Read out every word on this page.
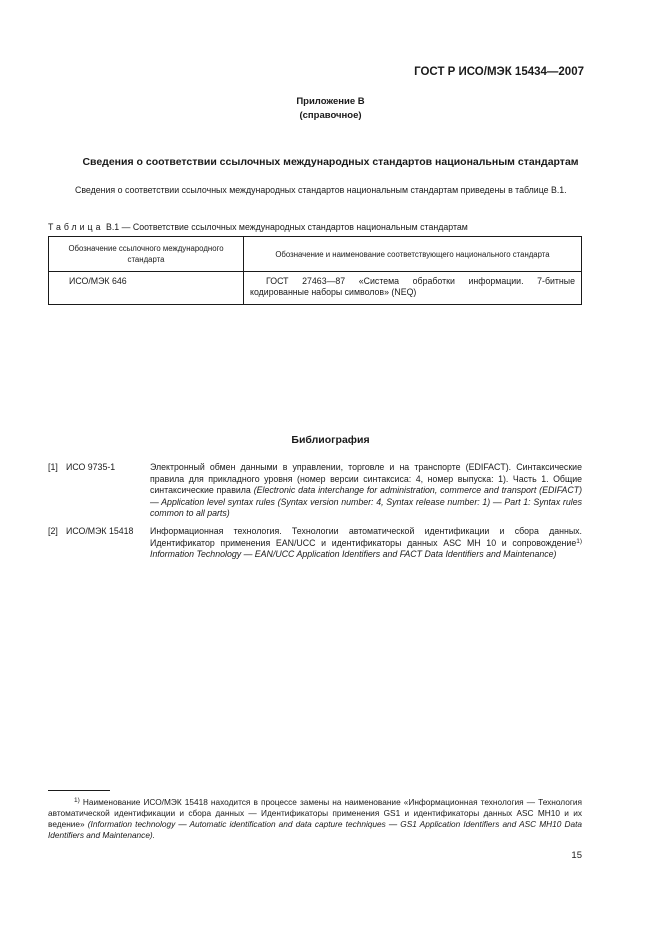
ГОСТ Р ИСО/МЭК 15434—2007
Приложение В
(справочное)
Сведения о соответствии ссылочных международных стандартов национальным стандартам
Сведения о соответствии ссылочных международных стандартов национальным стандартам приведены в таблице В.1.
Таблица В.1 — Соответствие ссылочных международных стандартов национальным стандартам
Обозначение ссылочного международного стандарта	Обозначение и наименование соответствующего национального стандарта
ИСО/МЭК 646	ГОСТ 27463—87 «Система обработки информации. 7-битные кодированные наборы символов» (NEQ)
Библиография
[1] ИСО 9735-1	Электронный обмен данными в управлении, торговле и на транспорте (EDIFACT). Синтаксические правила для прикладного уровня (номер версии синтаксиса: 4, номер выпуска: 1). Часть 1. Общие синтаксические правила (Electronic data interchange for administration, commerce and transport (EDIFACT) — Application level syntax rules (Syntax version number: 4, Syntax release number: 1) — Part 1: Syntax rules common to all parts)
[2] ИСО/МЭК 15418 Информационная технология. Технологии автоматической идентификации и сбора данных. Идентификатор применения EAN/UCC и идентификаторы данных ASC MH 10 и сопровождение$^{1)}$ Information Technology — EAN/UCC Application Identifiers and FACT Data Identifiers and Maintenance)
$^{1)}$ Наименование ИСО/МЭК 15418 находится в процессе замены на наименование «Информационная технология — Технология автоматической идентификации и сбора данных — Идентификаторы применения GS1 и идентификаторы данных ASC MH10 и их ведение» (Information technology — Automatic identification and data capture techniques — GS1 Application Identifiers and ASC MH10 Data Identifiers and Maintenance).
15
